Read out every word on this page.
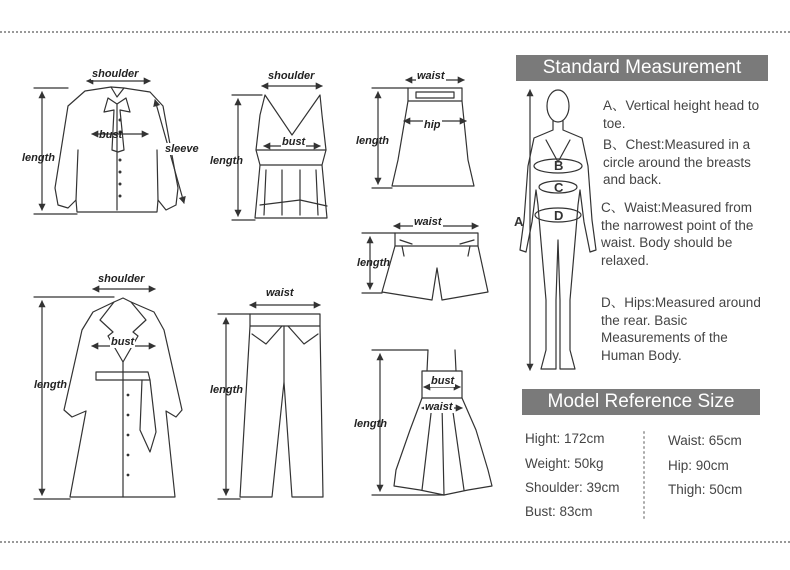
shoulder
bust
length
sleeve
shoulder
bust
length
waist
hip
length
waist
length
shoulder
bust
length
waist
length
bust
waist
length
A
B
C
D
Standard Measurement
A、Vertical height head to toe.
B、Chest:Measured in a circle around the breasts and back.
C、Waist:Measured from the narrowest point of the waist. Body should be relaxed.
D、Hips:Measured around the rear. Basic Measurements of the Human Body.
Model Reference Size
Hight: 172cm
Weight: 50kg
Shoulder: 39cm
Bust: 83cm
Waist: 65cm
Hip: 90cm
Thigh: 50cm
